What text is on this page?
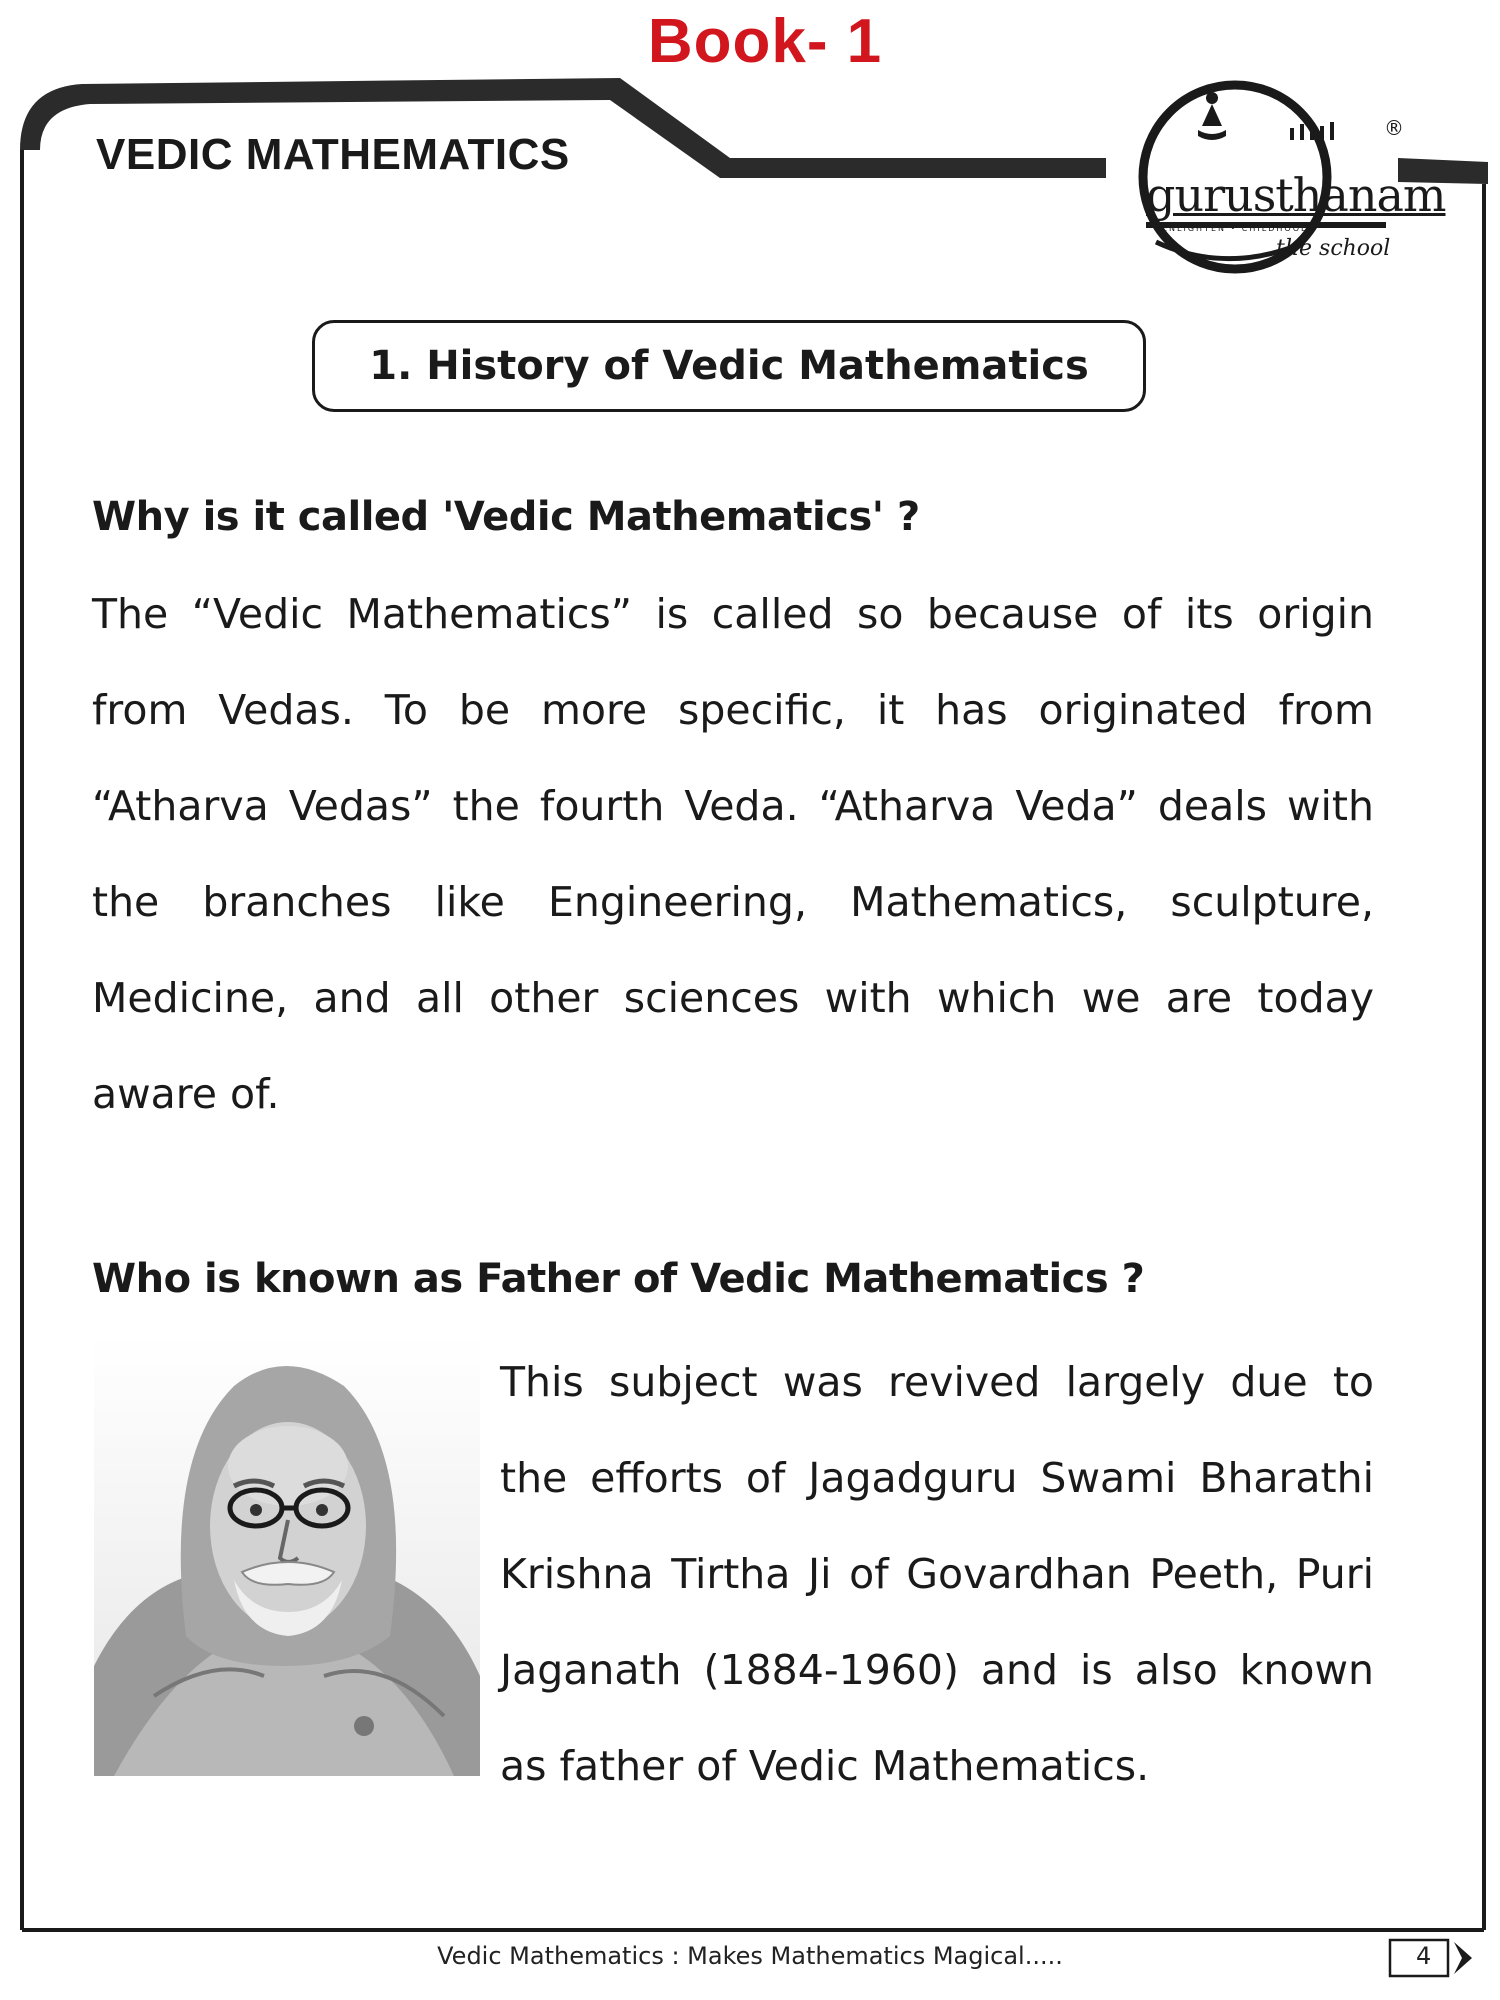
Book- 1
VEDIC MATHEMATICS
gurusthanam
ENLIGHTEN • CHILDHOOD
the school
®
1. History of Vedic Mathematics
Why is it called 'Vedic Mathematics' ?
The “Vedic Mathematics” is called so because of its origin from Vedas. To be more specific, it has originated from “Atharva Vedas” the fourth Veda. “Atharva Veda” deals with the branches like Engineering, Mathematics, sculpture, Medicine, and all other sciences with which we are today aware of.
Who is known as Father of Vedic Mathematics ?
This subject was revived largely due to the efforts of Jagadguru Swami Bharathi Krishna Tirtha Ji of Govardhan Peeth, Puri Jaganath (1884-1960) and is also known as father of Vedic Mathematics.
Vedic Mathematics : Makes Mathematics Magical.....	4
